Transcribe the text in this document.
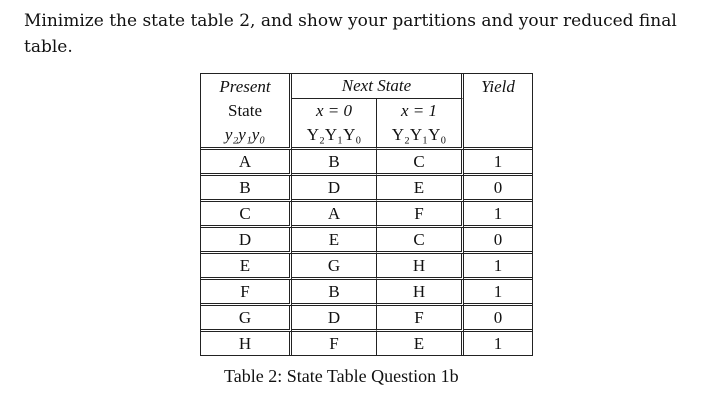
Minimize the state table 2, and show your partitions and your reduced final table.

Present	Next State		Yield
State	x = 0	x = 1	
y₂y₁y₀	Y₂Y₁Y₀	Y₂Y₁Y₀	
A	B	C	1
B	D	E	0
C	A	F	1
D	E	C	0
E	G	H	1
F	B	H	1
G	D	F	0
H	F	E	1

Table 2: State Table Question 1b
